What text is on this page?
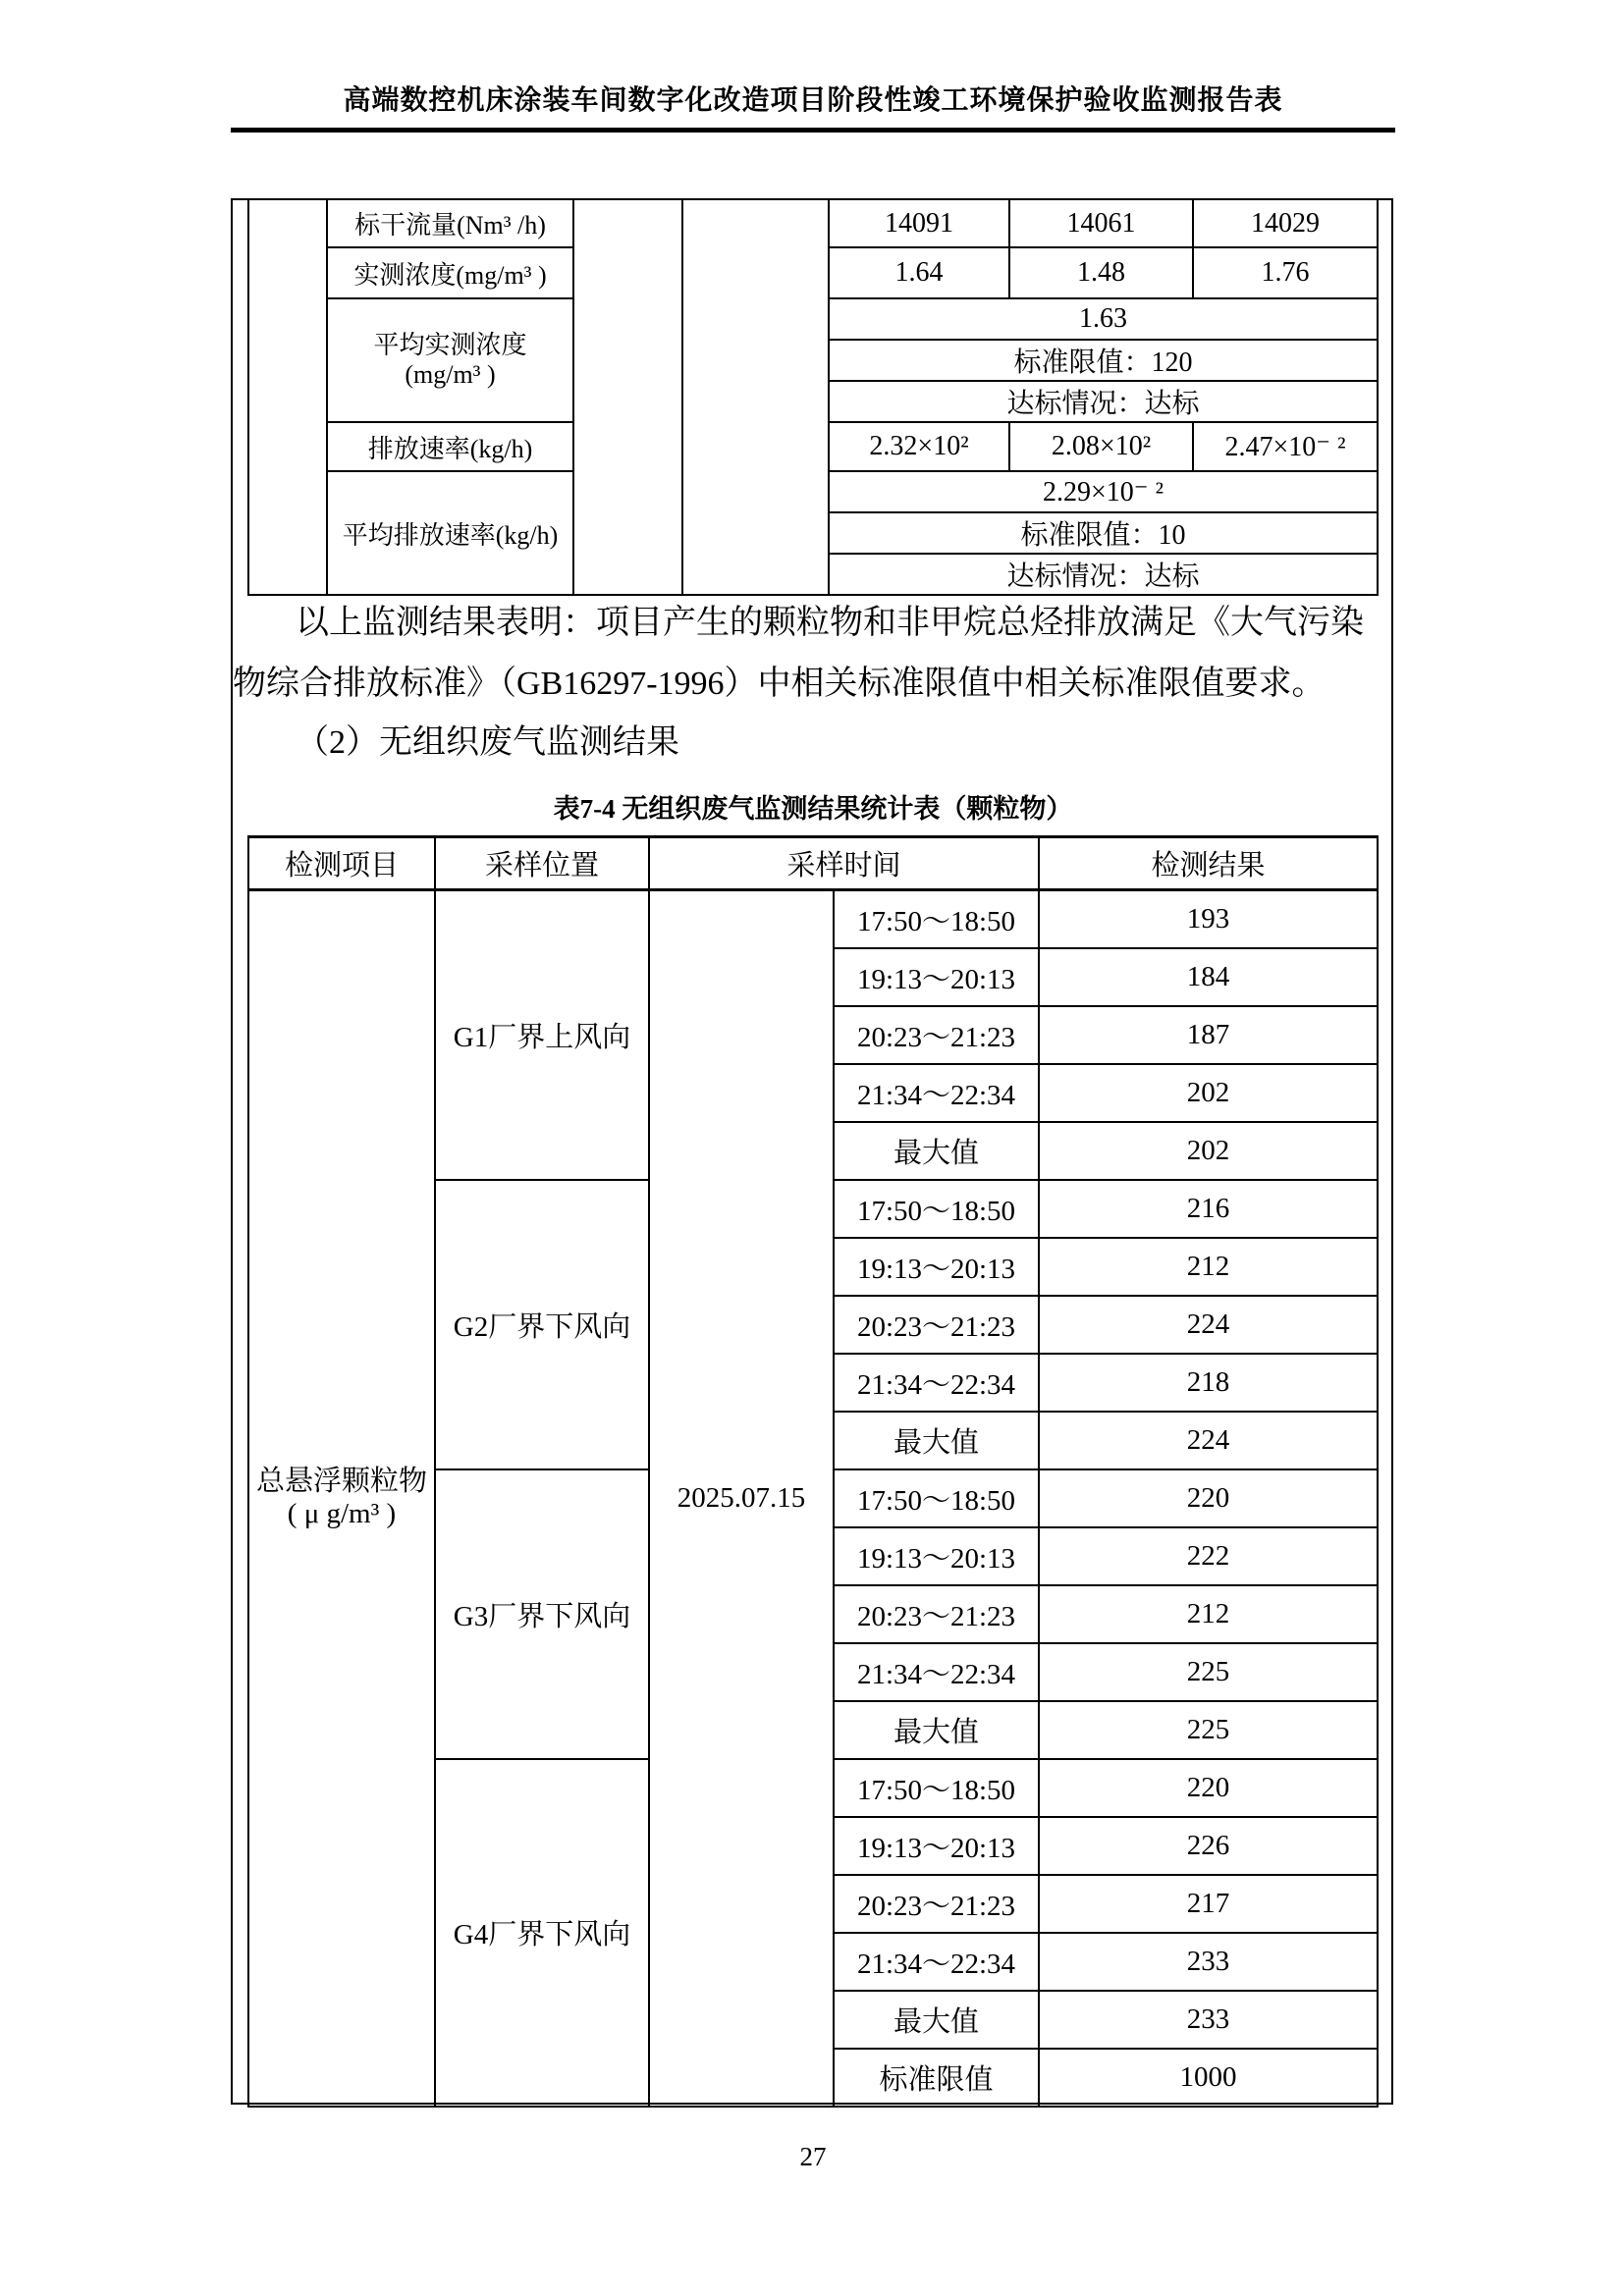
高端数控机床涂装车间数字化改造项目阶段性竣工环境保护验收监测报告表
	标干流量(Nm³ /h)			14091	14061	14029
	实测浓度(mg/m³ )			1.64	1.48	1.76

	平均实测浓度
(mg/m³ )			1.63		
				标准限值：120		
				达标情况：达标		
	排放速率(kg/h)			2.32×10²	2.08×10²	2.47×10⁻ ²
	平均排放速率(kg/h)			2.29×10⁻ ²		
				标准限值：10		
				达标情况：达标		
以上监测结果表明：项目产生的颗粒物和非甲烷总烃排放满足《大气污染
物综合排放标准》（GB16297-1996）中相关标准限值中相关标准限值要求。
（2）无组织废气监测结果
表7-4 无组织废气监测结果统计表（颗粒物）
检测项目	采样位置	采样时间		检测结果

总悬浮颗粒物
( μ g/m³ )	G1厂界上风向	2025.07.15	17:50～18:50	193
			19:13～20:13	184
			20:23～21:23	187
			21:34～22:34	202
			最大值	202
	G2厂界下风向		17:50～18:50	216
			19:13～20:13	212
			20:23～21:23	224
			21:34～22:34	218
			最大值	224
	G3厂界下风向		17:50～18:50	220
			19:13～20:13	222
			20:23～21:23	212
			21:34～22:34	225
			最大值	225
	G4厂界下风向		17:50～18:50	220
			19:13～20:13	226
			20:23～21:23	217
			21:34～22:34	233
			最大值	233
			标准限值	1000
27
